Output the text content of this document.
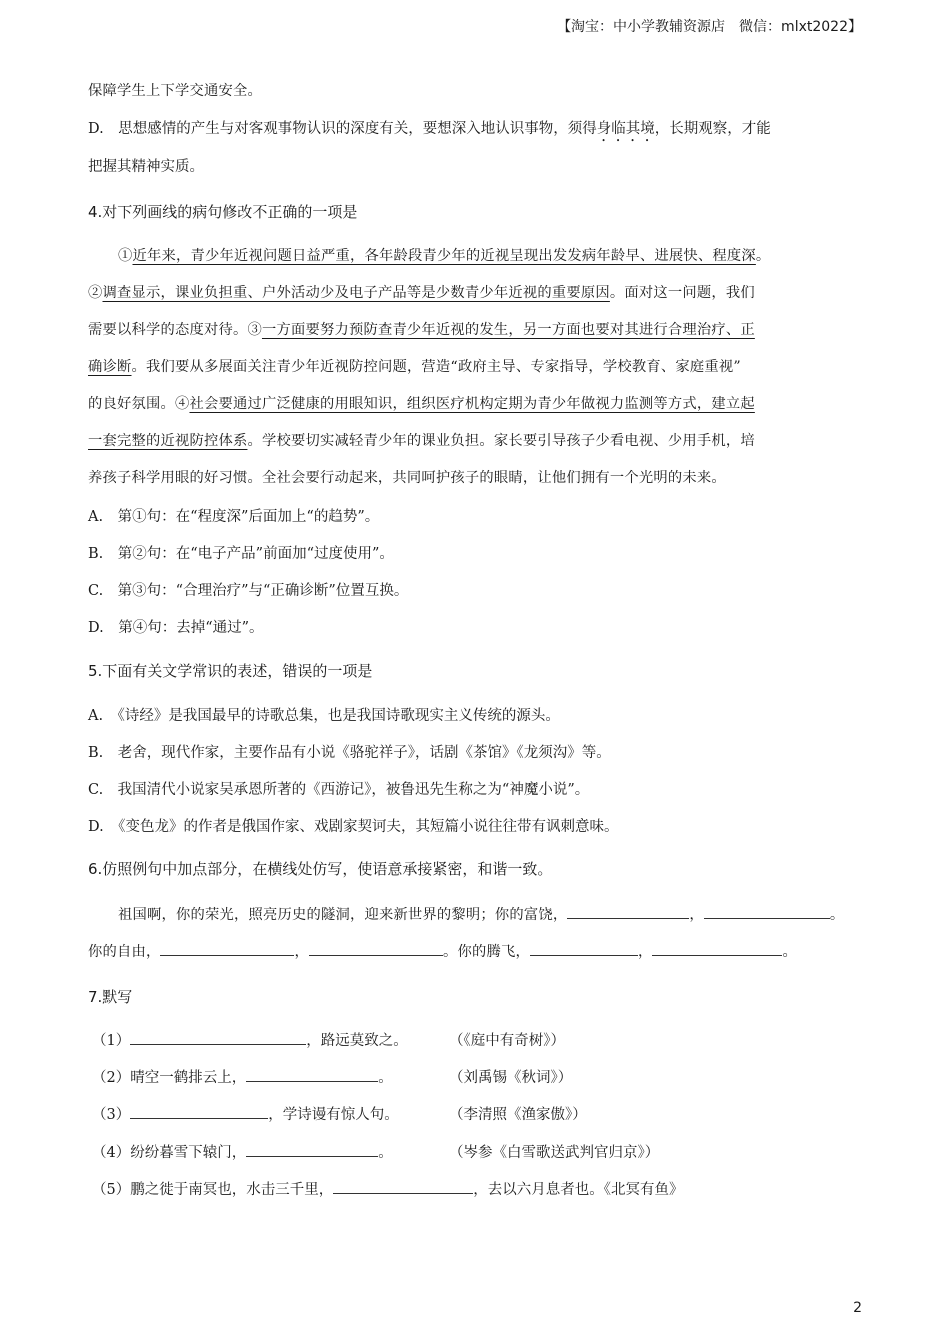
【淘宝：中小学教辅资源店　微信：mlxt2022】
保障学生上下学交通安全。
D.　思想感情的产生与对客观事物认识的深度有关，要想深入地认识事物，须得身临其境，长期观察，才能
把握其精神实质。
4.对下列画线的病句修改不正确的一项是
①近年来，青少年近视问题日益严重，各年龄段青少年的近视呈现出发发病年龄早、进展快、程度深。
②调查显示，课业负担重、户外活动少及电子产品等是少数青少年近视的重要原因。面对这一问题，我们
需要以科学的态度对待。③一方面要努力预防查青少年近视的发生，另一方面也要对其进行合理治疗、正
确诊断。我们要从多展面关注青少年近视防控问题，营造“政府主导、专家指导，学校教育、家庭重视”
的良好氛围。④社会要通过广泛健康的用眼知识，组织医疗机构定期为青少年做视力监测等方式，建立起
一套完整的近视防控体系。学校要切实减轻青少年的课业负担。家长要引导孩子少看电视、少用手机，培
养孩子科学用眼的好习惯。全社会要行动起来，共同呵护孩子的眼睛，让他们拥有一个光明的未来。
A.　第①句：在“程度深”后面加上“的趋势”。
B.　第②句：在“电子产品”前面加“过度使用”。
C.　第③句：“合理治疗”与“正确诊断”位置互换。
D.　第④句：去掉“通过”。
5.下面有关文学常识的表述，错误的一项是
A.　《诗经》是我国最早的诗歌总集，也是我国诗歌现实主义传统的源头。
B.　老舍，现代作家，主要作品有小说《骆驼祥子》，话剧《茶馆》《龙须沟》等。
C.　我国清代小说家吴承恩所著的《西游记》，被鲁迅先生称之为“神魔小说”。
D.　《变色龙》的作者是俄国作家、戏剧家契诃夫，其短篇小说往往带有讽刺意味。
6.仿照例句中加点部分，在横线处仿写，使语意承接紧密，和谐一致。
祖国啊，你的荣光，照亮历史的隧洞，迎来新世界的黎明；你的富饶，	，	。
你的自由，	，	。你的腾飞，	，	。
7.默写
（1）	，路远莫致之。	（《庭中有奇树》）
（2）晴空一鹤排云上，	。	（刘禹锡《秋词》）
（3）	，学诗谩有惊人句。	（李清照《渔家傲》）
（4）纷纷暮雪下辕门，	。	（岑参《白雪歌送武判官归京》）
（5）鹏之徙于南冥也，水击三千里，	，去以六月息者也。《北冥有鱼》
2
